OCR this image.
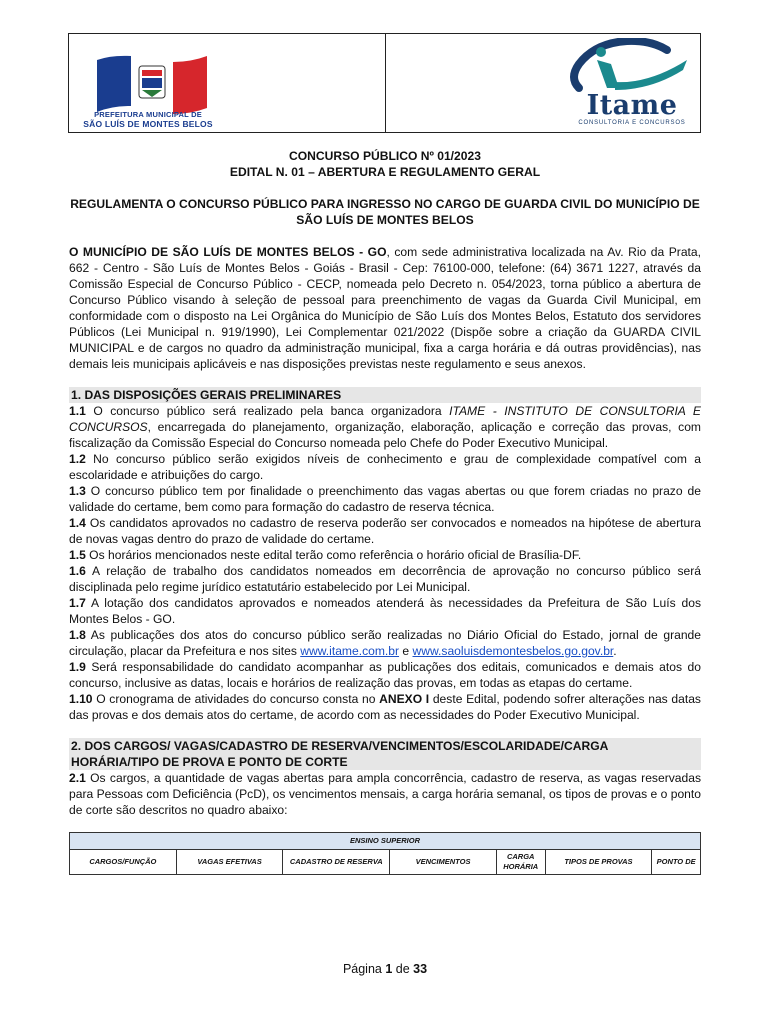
PREFEITURA MUNICIPAL DE
SÃO LUÍS DE MONTES BELOS
Itame
CONSULTORIA E CONCURSOS
CONCURSO PÚBLICO Nº 01/2023
EDITAL N. 01 – ABERTURA E REGULAMENTO GERAL
REGULAMENTA O CONCURSO PÚBLICO PARA INGRESSO NO CARGO DE GUARDA CIVIL DO MUNICÍPIO DE SÃO LUÍS DE MONTES BELOS

O MUNICÍPIO DE SÃO LUÍS DE MONTES BELOS - GO, com sede administrativa localizada na Av. Rio da Prata, 662 - Centro - São Luís de Montes Belos - Goiás - Brasil - Cep: 76100-000, telefone: (64) 3671 1227, através da Comissão Especial de Concurso Público - CECP, nomeada pelo Decreto n. 054/2023, torna público a abertura de Concurso Público visando à seleção de pessoal para preenchimento de vagas da Guarda Civil Municipal, em conformidade com o disposto na Lei Orgânica do Município de São Luís dos Montes Belos, Estatuto dos servidores Públicos (Lei Municipal n. 919/1990), Lei Complementar 021/2022 (Dispõe sobre a criação da GUARDA CIVIL MUNICIPAL e de cargos no quadro da administração municipal, fixa a carga horária e dá outras providências), nas demais leis municipais aplicáveis e nas disposições previstas neste regulamento e seus anexos.

1. DAS DISPOSIÇÕES GERAIS PRELIMINARES

1.1 O concurso público será realizado pela banca organizadora ITAME - INSTITUTO DE CONSULTORIA E CONCURSOS, encarregada do planejamento, organização, elaboração, aplicação e correção das provas, com fiscalização da Comissão Especial do Concurso nomeada pelo Chefe do Poder Executivo Municipal.

1.2 No concurso público serão exigidos níveis de conhecimento e grau de complexidade compatível com a escolaridade e atribuições do cargo.

1.3 O concurso público tem por finalidade o preenchimento das vagas abertas ou que forem criadas no prazo de validade do certame, bem como para formação do cadastro de reserva técnica.

1.4 Os candidatos aprovados no cadastro de reserva poderão ser convocados e nomeados na hipótese de abertura de novas vagas dentro do prazo de validade do certame.

1.5 Os horários mencionados neste edital terão como referência o horário oficial de Brasília-DF.

1.6 A relação de trabalho dos candidatos nomeados em decorrência de aprovação no concurso público será disciplinada pelo regime jurídico estatutário estabelecido por Lei Municipal.

1.7 A lotação dos candidatos aprovados e nomeados atenderá às necessidades da Prefeitura de São Luís dos Montes Belos - GO.

1.8 As publicações dos atos do concurso público serão realizadas no Diário Oficial do Estado, jornal de grande circulação, placar da Prefeitura e nos sites www.itame.com.br e www.saoluisdemontesbelos.go.gov.br.

1.9 Será responsabilidade do candidato acompanhar as publicações dos editais, comunicados e demais atos do concurso, inclusive as datas, locais e horários de realização das provas, em todas as etapas do certame.

1.10 O cronograma de atividades do concurso consta no ANEXO I deste Edital, podendo sofrer alterações nas datas das provas e dos demais atos do certame, de acordo com as necessidades do Poder Executivo Municipal.

2. DOS CARGOS/ VAGAS/CADASTRO DE RESERVA/VENCIMENTOS/ESCOLARIDADE/CARGA HORÁRIA/TIPO DE PROVA E PONTO DE CORTE

2.1 Os cargos, a quantidade de vagas abertas para ampla concorrência, cadastro de reserva, as vagas reservadas para Pessoas com Deficiência (PcD), os vencimentos mensais, a carga horária semanal, os tipos de provas e o ponto de corte são descritos no quadro abaixo:

ENSINO SUPERIOR
CARGOS/FUNÇÃO	VAGAS EFETIVAS	CADASTRO DE RESERVA	VENCIMENTOS	CARGA HORÁRIA	TIPOS DE PROVAS	PONTO DE
Página 1 de 33
